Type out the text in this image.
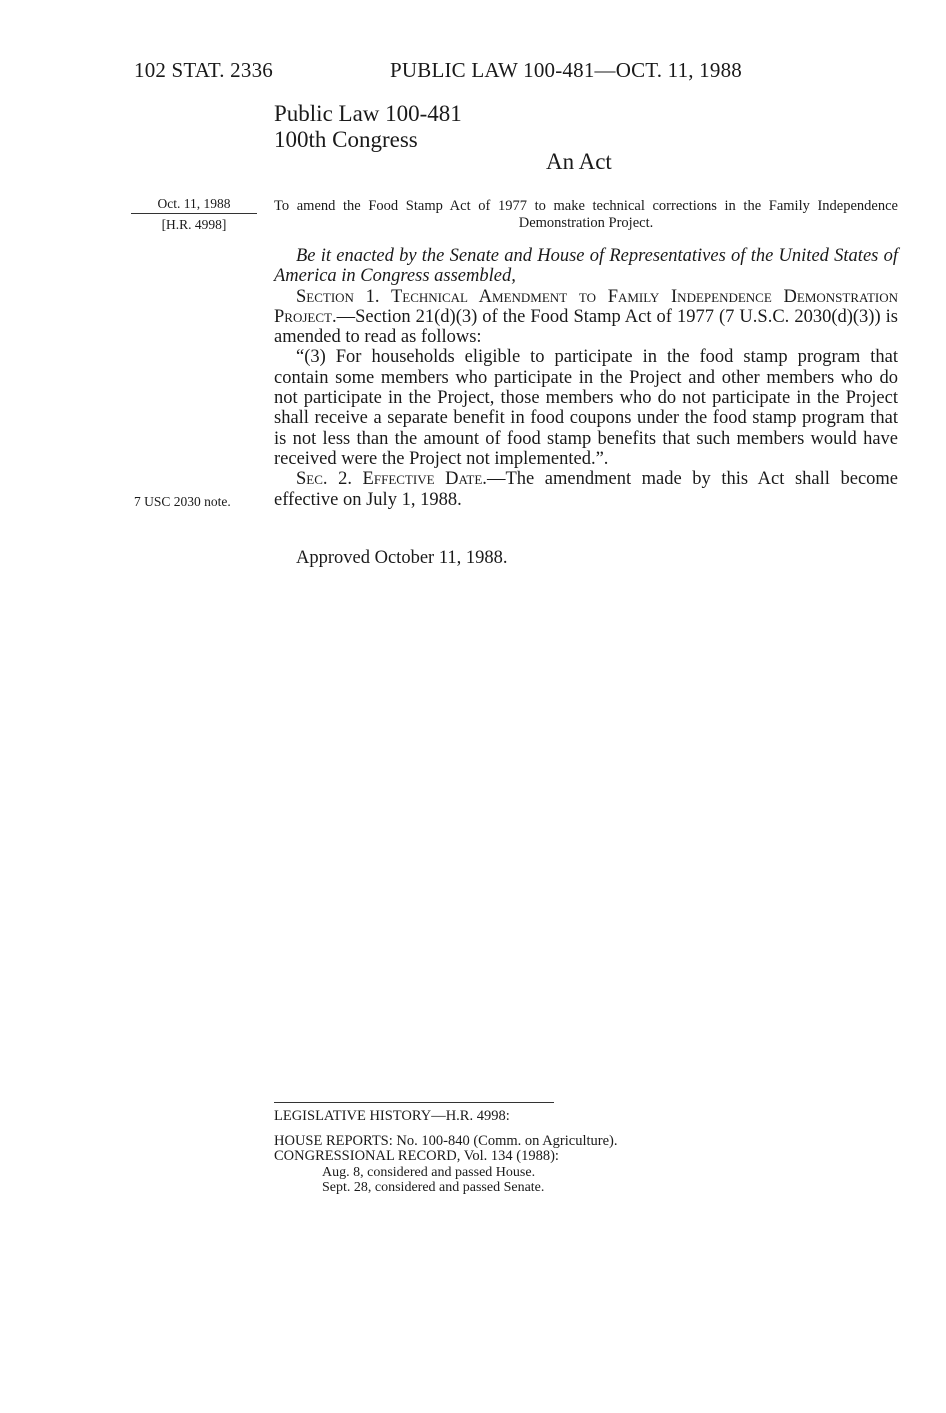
102 STAT. 2336	PUBLIC LAW 100-481—OCT. 11, 1988
Public Law 100-481
100th Congress
An Act
Oct. 11, 1988
[H.R. 4998]
7 USC 2030 note.
To amend the Food Stamp Act of 1977 to make technical corrections in the Family Independence Demonstration Project.

Be it enacted by the Senate and House of Representatives of the United States of America in Congress assembled,

Section 1. Technical Amendment to Family Independence Demonstration Project.—Section 21(d)(3) of the Food Stamp Act of 1977 (7 U.S.C. 2030(d)(3)) is amended to read as follows:

“(3) For households eligible to participate in the food stamp program that contain some members who participate in the Project and other members who do not participate in the Project, those members who do not participate in the Project shall receive a separate benefit in food coupons under the food stamp program that is not less than the amount of food stamp benefits that such members would have received were the Project not implemented.”.

Sec. 2. Effective Date.—The amendment made by this Act shall become effective on July 1, 1988.

Approved October 11, 1988.
LEGISLATIVE HISTORY—H.R. 4998:
HOUSE REPORTS: No. 100-840 (Comm. on Agriculture).
CONGRESSIONAL RECORD, Vol. 134 (1988):
Aug. 8, considered and passed House.
Sept. 28, considered and passed Senate.
